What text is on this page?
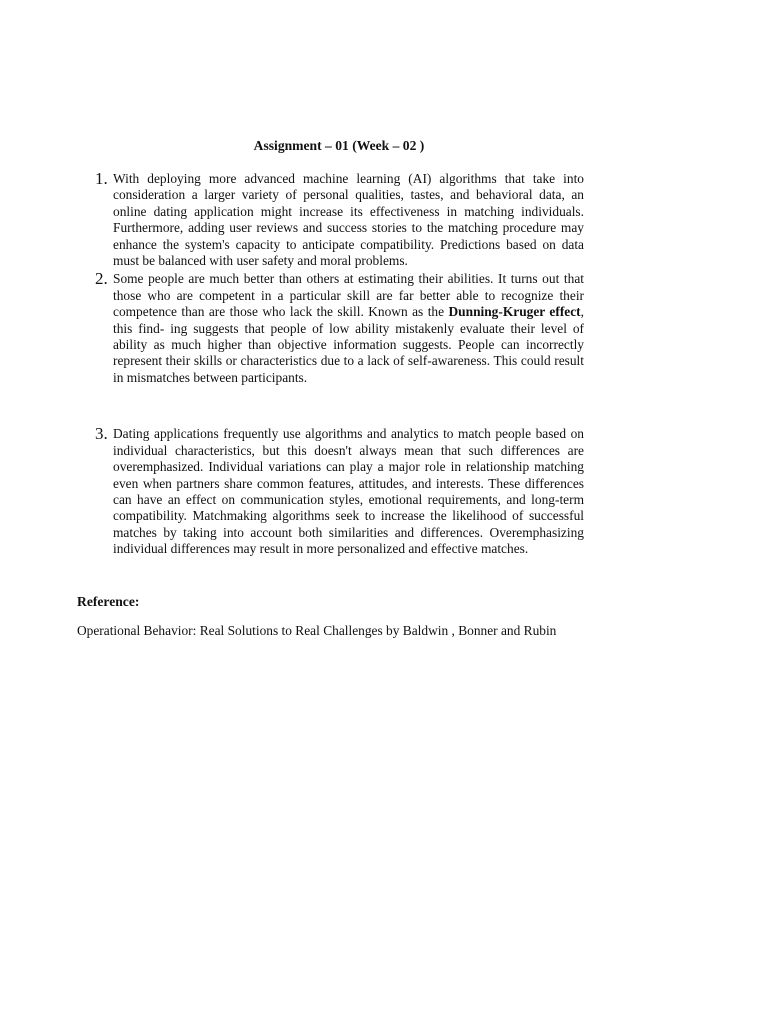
Assignment – 01 (Week – 02 )
1. With deploying more advanced machine learning (AI) algorithms that take into consideration a larger variety of personal qualities, tastes, and behavioral data, an online dating application might increase its effectiveness in matching individuals. Furthermore, adding user reviews and success stories to the matching procedure may enhance the system's capacity to anticipate compatibility. Predictions based on data must be balanced with user safety and moral problems.
2. Some people are much better than others at estimating their abilities. It turns out that those who are competent in a particular skill are far better able to recognize their competence than are those who lack the skill. Known as the Dunning-Kruger effect, this find- ing suggests that people of low ability mistakenly evaluate their level of ability as much higher than objective information suggests. People can incorrectly represent their skills or characteristics due to a lack of self-awareness. This could result in mismatches between participants.
3. Dating applications frequently use algorithms and analytics to match people based on individual characteristics, but this doesn't always mean that such differences are overemphasized. Individual variations can play a major role in relationship matching even when partners share common features, attitudes, and interests. These differences can have an effect on communication styles, emotional requirements, and long-term compatibility. Matchmaking algorithms seek to increase the likelihood of successful matches by taking into account both similarities and differences. Overemphasizing individual differences may result in more personalized and effective matches.

Reference:

Operational Behavior: Real Solutions to Real Challenges by Baldwin , Bonner and Rubin
